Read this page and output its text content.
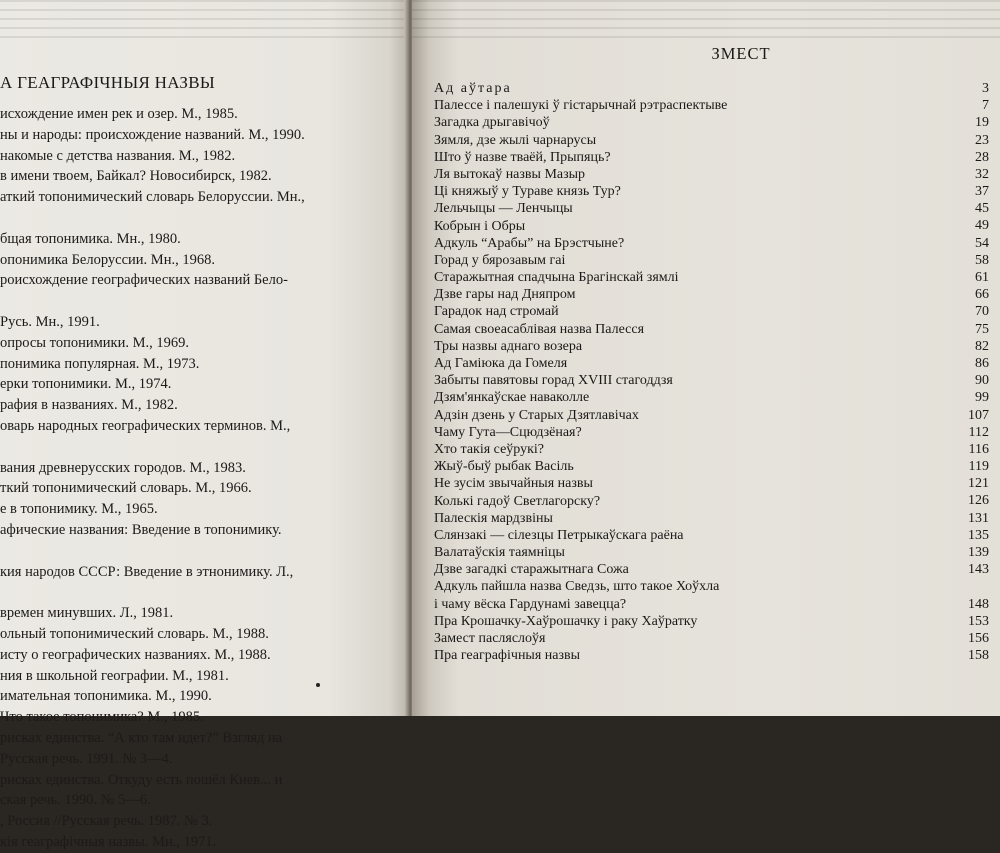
А ГЕАГРАФІЧНЫЯ НАЗВЫ
исхождение имен рек и озер. М., 1985.
ны и народы: происхождение названий. М., 1990.
накомые с детства названия. М., 1982.
в имени твоем, Байкал? Новосибирск, 1982.
аткий топонимический словарь Белоруссии. Мн.,
бщая топонимика. Мн., 1980.
опонимика Белоруссии. Мн., 1968.
роисхождение географических названий Бело-
Русь. Мн., 1991.
опросы топонимики. М., 1969.
понимика популярная. М., 1973.
ерки топонимики. М., 1974.
рафия в названиях. М., 1982.
оварь народных географических терминов. М.,
вания древнерусских городов. М., 1983.
ткий топонимический словарь. М., 1966.
е в топонимику. М., 1965.
афические названия: Введение в топонимику.
кия народов СССР: Введение в этнонимику. Л.,
времен минувших. Л., 1981.
ольный топонимический словарь. М., 1988.
исту о географических названиях. М., 1988.
ния в школьной географии. М., 1981.
имательная топонимика. М., 1990.
Что такое топонимика? М., 1985.
рисках единства. “А кто там идет?” Взгляд на
Русская речь. 1991. № 3—4.
рисках единства. Откуду есть пошёл Киев... и
ская речь. 1990. № 5—6.
, Россия //Русская речь. 1987. № 3.
кія геаграфічныя назвы. Мн., 1971.
ЗМЕСТ
Ад аўтара	3
Палессе і палешукі ў гістарычнай рэтраспектыве	7
Загадка дрыгавічоў	19
Зямля, дзе жылі чарнарусы	23
Што ў назве тваёй, Прыпяць?	28
Ля вытокаў назвы Мазыр	32
Ці княжыў у Тураве князь Тур?	37
Лельчыцы — Ленчыцы	45
Кобрын і Обры	49
Адкуль “Арабы” на Брэстчыне?	54
Горад у бярозавым гаі	58
Старажытная спадчына Брагінскай зямлі	61
Дзве гары над Дняпром	66
Гарадок над стромай	70
Самая своеасаблівая назва Палесся	75
Тры назвы аднаго возера	82
Ад Гаміюка да Гомеля	86
Забыты павятовы горад XVIII стагоддзя	90
Дзям'янкаўскае наваколле	99
Адзін дзень у Старых Дзятлавічах	107
Чаму Гута—Сцюдзёная?	112
Хто такія сеўрукі?	116
Жыў-быў рыбак Васіль	119
Не зусім звычайныя назвы	121
Колькі гадоў Светлагорску?	126
Палескія мардзвіны	131
Слянзакі — сілезцы Петрыкаўскага раёна	135
Валатаўскія таямніцы	139
Дзве загадкі старажытнага Сожа	143
Адкуль пайшла назва Сведзь, што такое Хоўхла
і чаму вёска Гардунамі завецца?	148
Пра Крошачку-Хаўрошачку і раку Хаўратку	153
Замест пасляслоўя	156
Пра геаграфічныя назвы	158
